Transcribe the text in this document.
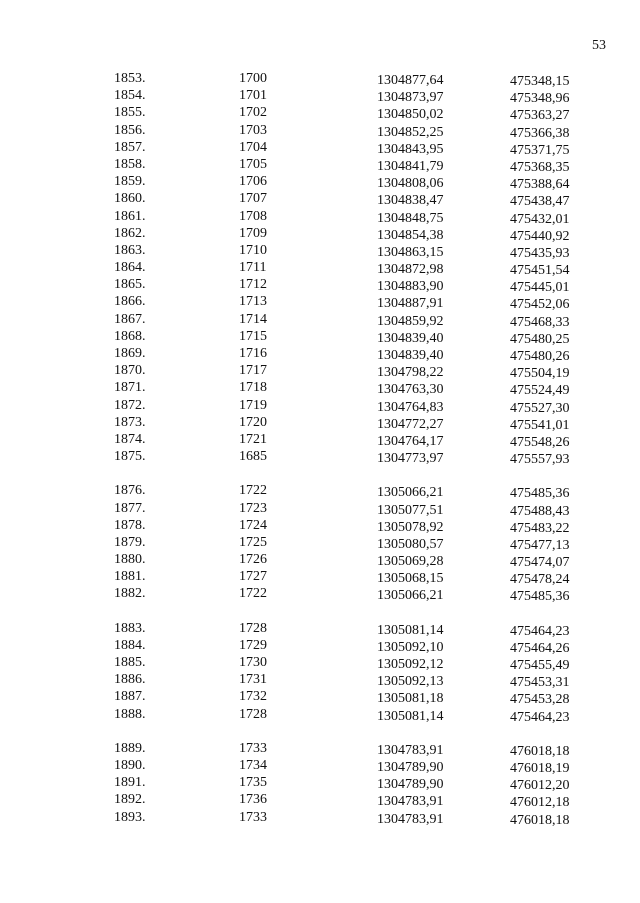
53
1853.	1700	1304877,64	475348,15
1854.	1701	1304873,97	475348,96
1855.	1702	1304850,02	475363,27
1856.	1703	1304852,25	475366,38
1857.	1704	1304843,95	475371,75
1858.	1705	1304841,79	475368,35
1859.	1706	1304808,06	475388,64
1860.	1707	1304838,47	475438,47
1861.	1708	1304848,75	475432,01
1862.	1709	1304854,38	475440,92
1863.	1710	1304863,15	475435,93
1864.	1711	1304872,98	475451,54
1865.	1712	1304883,90	475445,01
1866.	1713	1304887,91	475452,06
1867.	1714	1304859,92	475468,33
1868.	1715	1304839,40	475480,25
1869.	1716	1304839,40	475480,26
1870.	1717	1304798,22	475504,19
1871.	1718	1304763,30	475524,49
1872.	1719	1304764,83	475527,30
1873.	1720	1304772,27	475541,01
1874.	1721	1304764,17	475548,26
1875.	1685	1304773,97	475557,93
1876.	1722	1305066,21	475485,36
1877.	1723	1305077,51	475488,43
1878.	1724	1305078,92	475483,22
1879.	1725	1305080,57	475477,13
1880.	1726	1305069,28	475474,07
1881.	1727	1305068,15	475478,24
1882.	1722	1305066,21	475485,36
1883.	1728	1305081,14	475464,23
1884.	1729	1305092,10	475464,26
1885.	1730	1305092,12	475455,49
1886.	1731	1305092,13	475453,31
1887.	1732	1305081,18	475453,28
1888.	1728	1305081,14	475464,23
1889.	1733	1304783,91	476018,18
1890.	1734	1304789,90	476018,19
1891.	1735	1304789,90	476012,20
1892.	1736	1304783,91	476012,18
1893.	1733	1304783,91	476018,18
